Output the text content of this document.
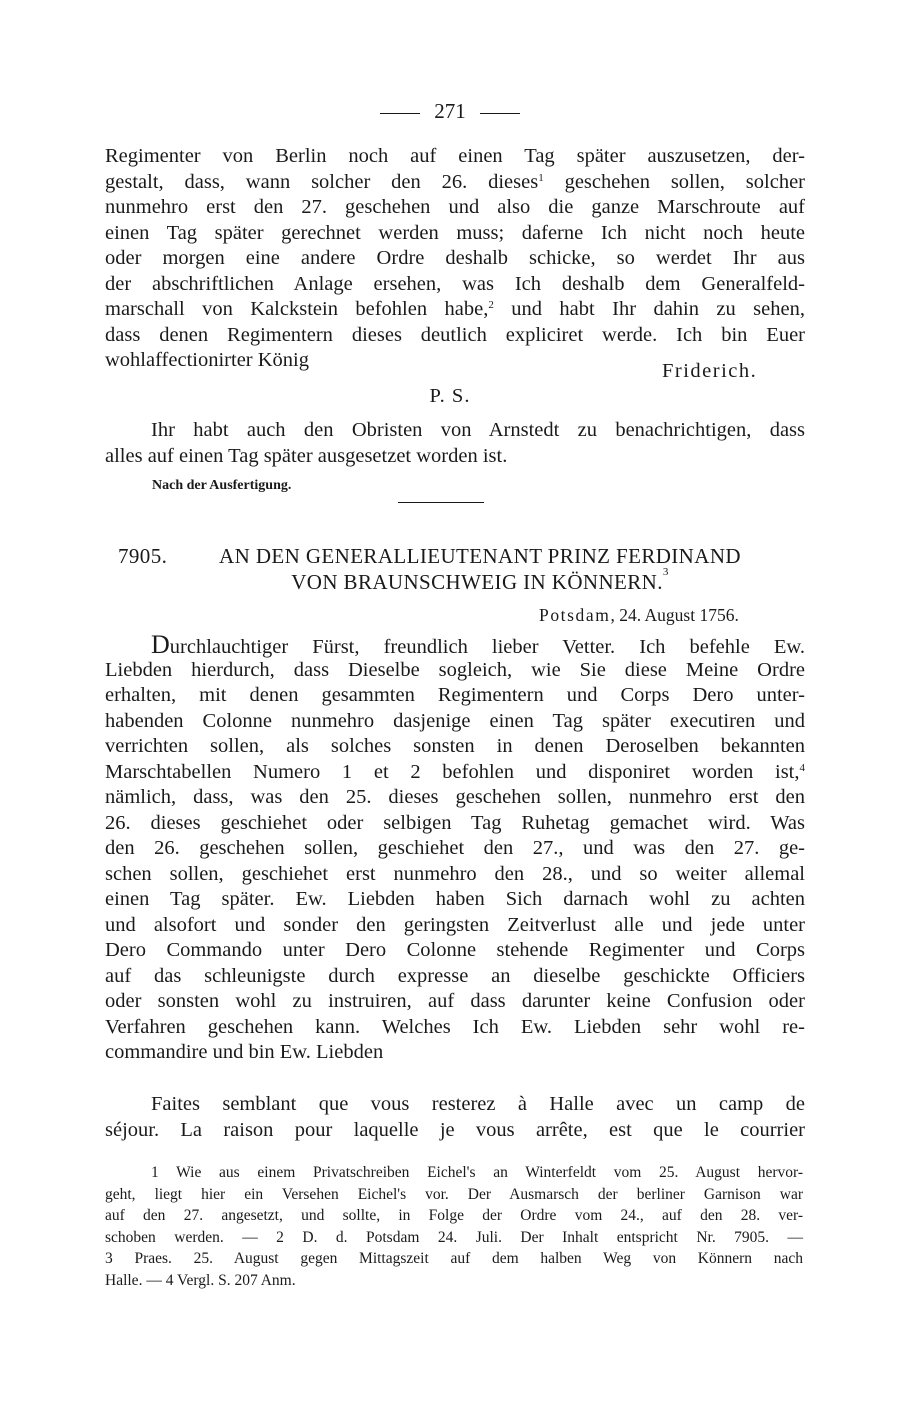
271
Regimenter von Berlin noch auf einen Tag später auszusetzen, der-
gestalt, dass, wann solcher den 26. dieses$^1$ geschehen sollen, solcher
nunmehro erst den 27. geschehen und also die ganze Marschroute auf
einen Tag später gerechnet werden muss; daferne Ich nicht noch heute
oder morgen eine andere Ordre deshalb schicke, so werdet Ihr aus
der abschriftlichen Anlage ersehen, was Ich deshalb dem Generalfeld-
marschall von Kalckstein befohlen habe,$^2$ und habt Ihr dahin zu sehen,
dass denen Regimentern dieses deutlich expliciret werde. Ich bin Euer
wohlaffectionirter König	Friderich.
P. S.
Ihr habt auch den Obristen von Arnstedt zu benachrichtigen, dass
alles auf einen Tag später ausgesetzet worden ist.
Nach der Ausfertigung.
7905. AN DEN GENERALLIEUTENANT PRINZ FERDINAND
VON BRAUNSCHWEIG IN KÖNNERN.$^3$
Potsdam, 24. August 1756.
Durchlauchtiger Fürst, freundlich lieber Vetter. Ich befehle Ew.
Liebden hierdurch, dass Dieselbe sogleich, wie Sie diese Meine Ordre
erhalten, mit denen gesammten Regimentern und Corps Dero unter-
habenden Colonne nunmehro dasjenige einen Tag später executiren und
verrichten sollen, als solches sonsten in denen Deroselben bekannten
Marschtabellen Numero 1 et 2 befohlen und disponiret worden ist,$^4$
nämlich, dass, was den 25. dieses geschehen sollen, nunmehro erst den
26. dieses geschiehet oder selbigen Tag Ruhetag gemachet wird. Was
den 26. geschehen sollen, geschiehet den 27., und was den 27. ge-
schen sollen, geschiehet erst nunmehro den 28., und so weiter allemal
einen Tag später. Ew. Liebden haben Sich darnach wohl zu achten
und alsofort und sonder den geringsten Zeitverlust alle und jede unter
Dero Commando unter Dero Colonne stehende Regimenter und Corps
auf das schleunigste durch expresse an dieselbe geschickte Officiers
oder sonsten wohl zu instruiren, auf dass darunter keine Confusion oder
Verfahren geschehen kann. Welches Ich Ew. Liebden sehr wohl re-
commandire und bin Ew. Liebden
Faites semblant que vous resterez à Halle avec un camp de
séjour. La raison pour laquelle je vous arrête, est que le courrier
1 Wie aus einem Privatschreiben Eichel's an Winterfeldt vom 25. August hervor-
geht, liegt hier ein Versehen Eichel's vor. Der Ausmarsch der berliner Garnison war
auf den 27. angesetzt, und sollte, in Folge der Ordre vom 24., auf den 28. ver-
schoben werden. — 2 D. d. Potsdam 24. Juli. Der Inhalt entspricht Nr. 7905. —
3 Praes. 25. August gegen Mittagszeit auf dem halben Weg von Könnern nach
Halle. — 4 Vergl. S. 207 Anm.
